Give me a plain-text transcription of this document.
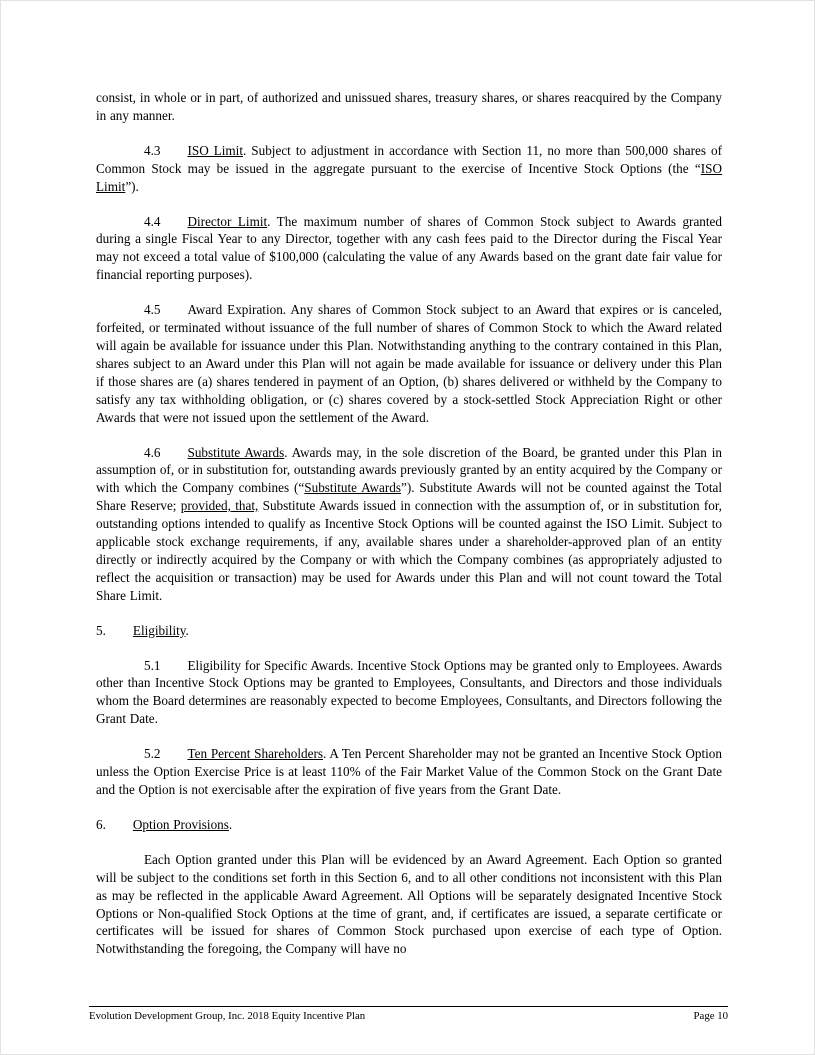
consist, in whole or in part, of authorized and unissued shares, treasury shares, or shares reacquired by the Company in any manner.

4.3 ISO Limit. Subject to adjustment in accordance with Section 11, no more than 500,000 shares of Common Stock may be issued in the aggregate pursuant to the exercise of Incentive Stock Options (the “ISO Limit”).

4.4 Director Limit. The maximum number of shares of Common Stock subject to Awards granted during a single Fiscal Year to any Director, together with any cash fees paid to the Director during the Fiscal Year may not exceed a total value of $100,000 (calculating the value of any Awards based on the grant date fair value for financial reporting purposes).

4.5 Award Expiration. Any shares of Common Stock subject to an Award that expires or is canceled, forfeited, or terminated without issuance of the full number of shares of Common Stock to which the Award related will again be available for issuance under this Plan. Notwithstanding anything to the contrary contained in this Plan, shares subject to an Award under this Plan will not again be made available for issuance or delivery under this Plan if those shares are (a) shares tendered in payment of an Option, (b) shares delivered or withheld by the Company to satisfy any tax withholding obligation, or (c) shares covered by a stock-settled Stock Appreciation Right or other Awards that were not issued upon the settlement of the Award.

4.6 Substitute Awards. Awards may, in the sole discretion of the Board, be granted under this Plan in assumption of, or in substitution for, outstanding awards previously granted by an entity acquired by the Company or with which the Company combines (“Substitute Awards”). Substitute Awards will not be counted against the Total Share Reserve; provided, that, Substitute Awards issued in connection with the assumption of, or in substitution for, outstanding options intended to qualify as Incentive Stock Options will be counted against the ISO Limit. Subject to applicable stock exchange requirements, if any, available shares under a shareholder-approved plan of an entity directly or indirectly acquired by the Company or with which the Company combines (as appropriately adjusted to reflect the acquisition or transaction) may be used for Awards under this Plan and will not count toward the Total Share Limit.

5. Eligibility.

5.1 Eligibility for Specific Awards. Incentive Stock Options may be granted only to Employees. Awards other than Incentive Stock Options may be granted to Employees, Consultants, and Directors and those individuals whom the Board determines are reasonably expected to become Employees, Consultants, and Directors following the Grant Date.

5.2 Ten Percent Shareholders. A Ten Percent Shareholder may not be granted an Incentive Stock Option unless the Option Exercise Price is at least 110% of the Fair Market Value of the Common Stock on the Grant Date and the Option is not exercisable after the expiration of five years from the Grant Date.

6. Option Provisions.

Each Option granted under this Plan will be evidenced by an Award Agreement. Each Option so granted will be subject to the conditions set forth in this Section 6, and to all other conditions not inconsistent with this Plan as may be reflected in the applicable Award Agreement. All Options will be separately designated Incentive Stock Options or Non-qualified Stock Options at the time of grant, and, if certificates are issued, a separate certificate or certificates will be issued for shares of Common Stock purchased upon exercise of each type of Option. Notwithstanding the foregoing, the Company will have no

Evolution Development Group, Inc. 2018 Equity Incentive Plan	Page 10
